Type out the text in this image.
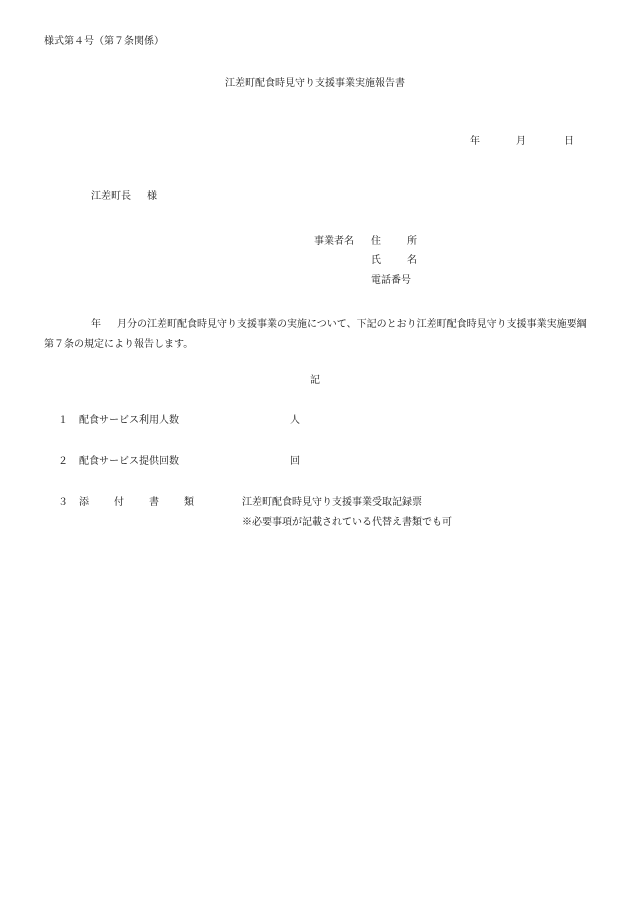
様式第４号（第７条関係）
江差町配食時見守り支援事業実施報告書
年	月	日
江差町長 様
事業者名 住	所
氏	名
電話番号
年 月分の江差町配食時見守り支援事業の実施について、下記のとおり江差町配食時見守り支援事業実施要綱第７条の規定により報告します。
記
１ 配食サービス利用人数	人
２ 配食サービス提供回数	回
３ 添	付	書	類	江差町配食時見守り支援事業受取記録票
※必要事項が記載されている代替え書類でも可
